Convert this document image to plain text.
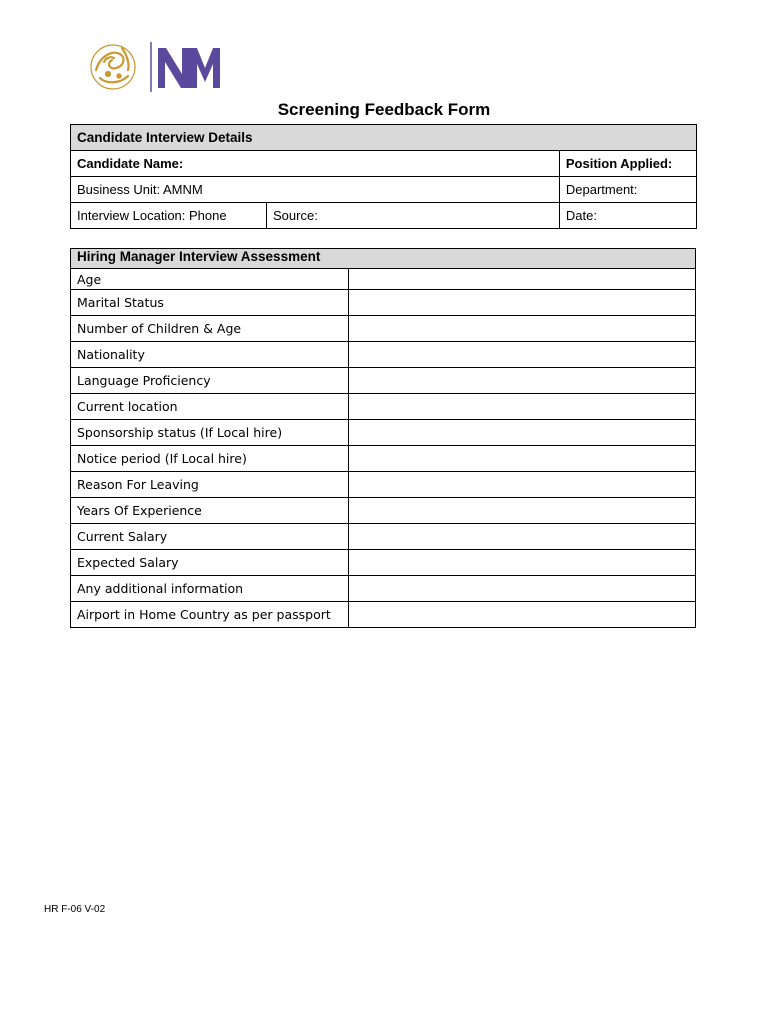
Screening Feedback Form
Candidate Interview Details		
Candidate Name:		Position Applied:
Business Unit: AMNM		Department:
Interview Location: Phone	Source:	Date:
Hiring Manager Interview Assessment	
Age	
Marital Status	
Number of Children & Age	
Nationality	
Language Proficiency	
Current location	
Sponsorship status (If Local hire)	
Notice period (If Local hire)	
Reason For Leaving	
Years Of Experience	
Current Salary	
Expected Salary	
Any additional information	
Airport in Home Country as per passport	
HR F-06 V-02
